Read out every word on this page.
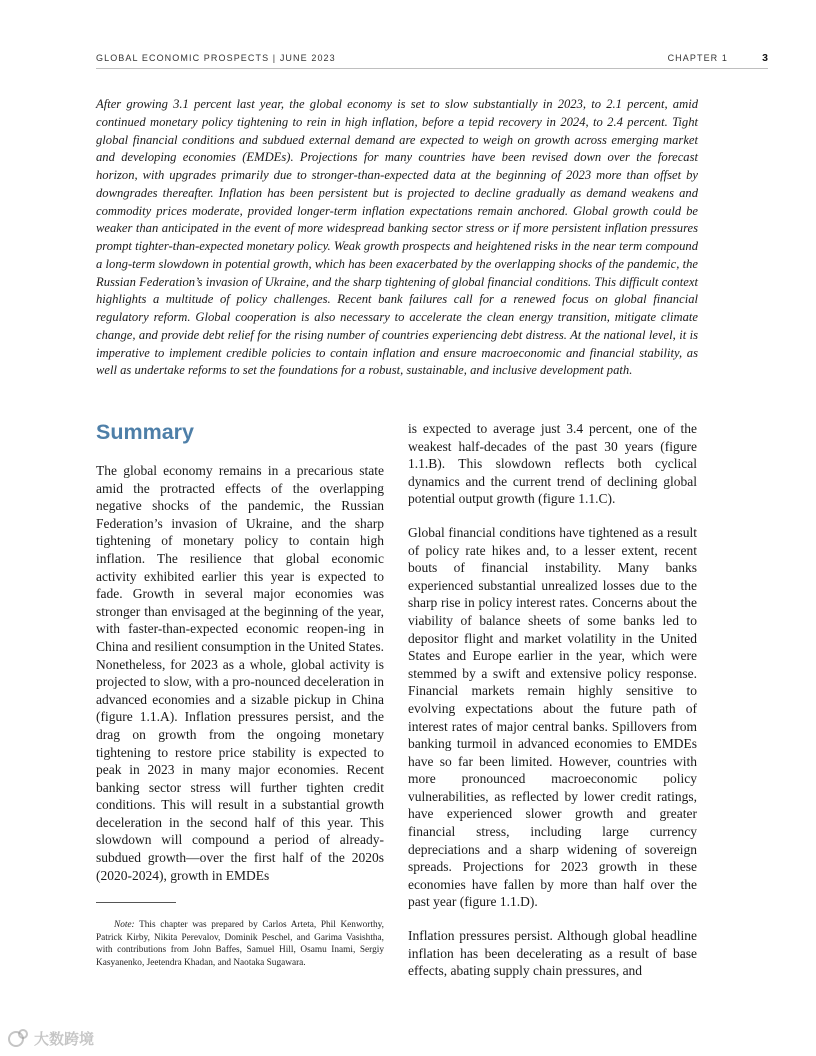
GLOBAL ECONOMIC PROSPECTS | JUNE 2023	CHAPTER 1	3

After growing 3.1 percent last year, the global economy is set to slow substantially in 2023, to 2.1 percent, amid continued monetary policy tightening to rein in high inflation, before a tepid recovery in 2024, to 2.4 percent. Tight global financial conditions and subdued external demand are expected to weigh on growth across emerging market and developing economies (EMDEs). Projections for many countries have been revised down over the forecast horizon, with upgrades primarily due to stronger-than-expected data at the beginning of 2023 more than offset by downgrades thereafter. Inflation has been persistent but is projected to decline gradually as demand weakens and commodity prices moderate, provided longer-term inflation expectations remain anchored. Global growth could be weaker than anticipated in the event of more widespread banking sector stress or if more persistent inflation pressures prompt tighter-than-expected monetary policy. Weak growth prospects and heightened risks in the near term compound a long-term slowdown in potential growth, which has been exacerbated by the overlapping shocks of the pandemic, the Russian Federation’s invasion of Ukraine, and the sharp tightening of global financial conditions. This difficult context highlights a multitude of policy challenges. Recent bank failures call for a renewed focus on global financial regulatory reform. Global cooperation is also necessary to accelerate the clean energy transition, mitigate climate change, and provide debt relief for the rising number of countries experiencing debt distress. At the national level, it is imperative to implement credible policies to contain inflation and ensure macroeconomic and financial stability, as well as undertake reforms to set the foundations for a robust, sustainable, and inclusive development path.

Summary

The global economy remains in a precarious state amid the protracted effects of the overlapping negative shocks of the pandemic, the Russian Federation’s invasion of Ukraine, and the sharp tightening of monetary policy to contain high inflation. The resilience that global economic activity exhibited earlier this year is expected to fade. Growth in several major economies was stronger than envisaged at the beginning of the year, with faster-than-expected economic reopen-ing in China and resilient consumption in the United States. Nonetheless, for 2023 as a whole, global activity is projected to slow, with a pro-nounced deceleration in advanced economies and a sizable pickup in China (figure 1.1.A). Inflation pressures persist, and the drag on growth from the ongoing monetary tightening to restore price stability is expected to peak in 2023 in many major economies. Recent banking sector stress will further tighten credit conditions. This will result in a substantial growth deceleration in the second half of this year. This slowdown will compound a period of already-subdued growth—over the first half of the 2020s (2020-2024), growth in EMDEs

is expected to average just 3.4 percent, one of the weakest half-decades of the past 30 years (figure 1.1.B). This slowdown reflects both cyclical dynamics and the current trend of declining global potential output growth (figure 1.1.C).

Global financial conditions have tightened as a result of policy rate hikes and, to a lesser extent, recent bouts of financial instability. Many banks experienced substantial unrealized losses due to the sharp rise in policy interest rates. Concerns about the viability of balance sheets of some banks led to depositor flight and market volatility in the United States and Europe earlier in the year, which were stemmed by a swift and extensive policy response. Financial markets remain highly sensitive to evolving expectations about the future path of interest rates of major central banks. Spillovers from banking turmoil in advanced economies to EMDEs have so far been limited. However, countries with more pronounced macroeconomic policy vulnerabilities, as reflected by lower credit ratings, have experienced slower growth and greater financial stress, including large currency depreciations and a sharp widening of sovereign spreads. Projections for 2023 growth in these economies have fallen by more than half over the past year (figure 1.1.D).

Inflation pressures persist. Although global headline inflation has been decelerating as a result of base effects, abating supply chain pressures, and

Note: This chapter was prepared by Carlos Arteta, Phil Kenworthy, Patrick Kirby, Nikita Perevalov, Dominik Peschel, and Garima Vasishtha, with contributions from John Baffes, Samuel Hill, Osamu Inami, Sergiy Kasyanenko, Jeetendra Khadan, and Naotaka Sugawara.

大数跨境
